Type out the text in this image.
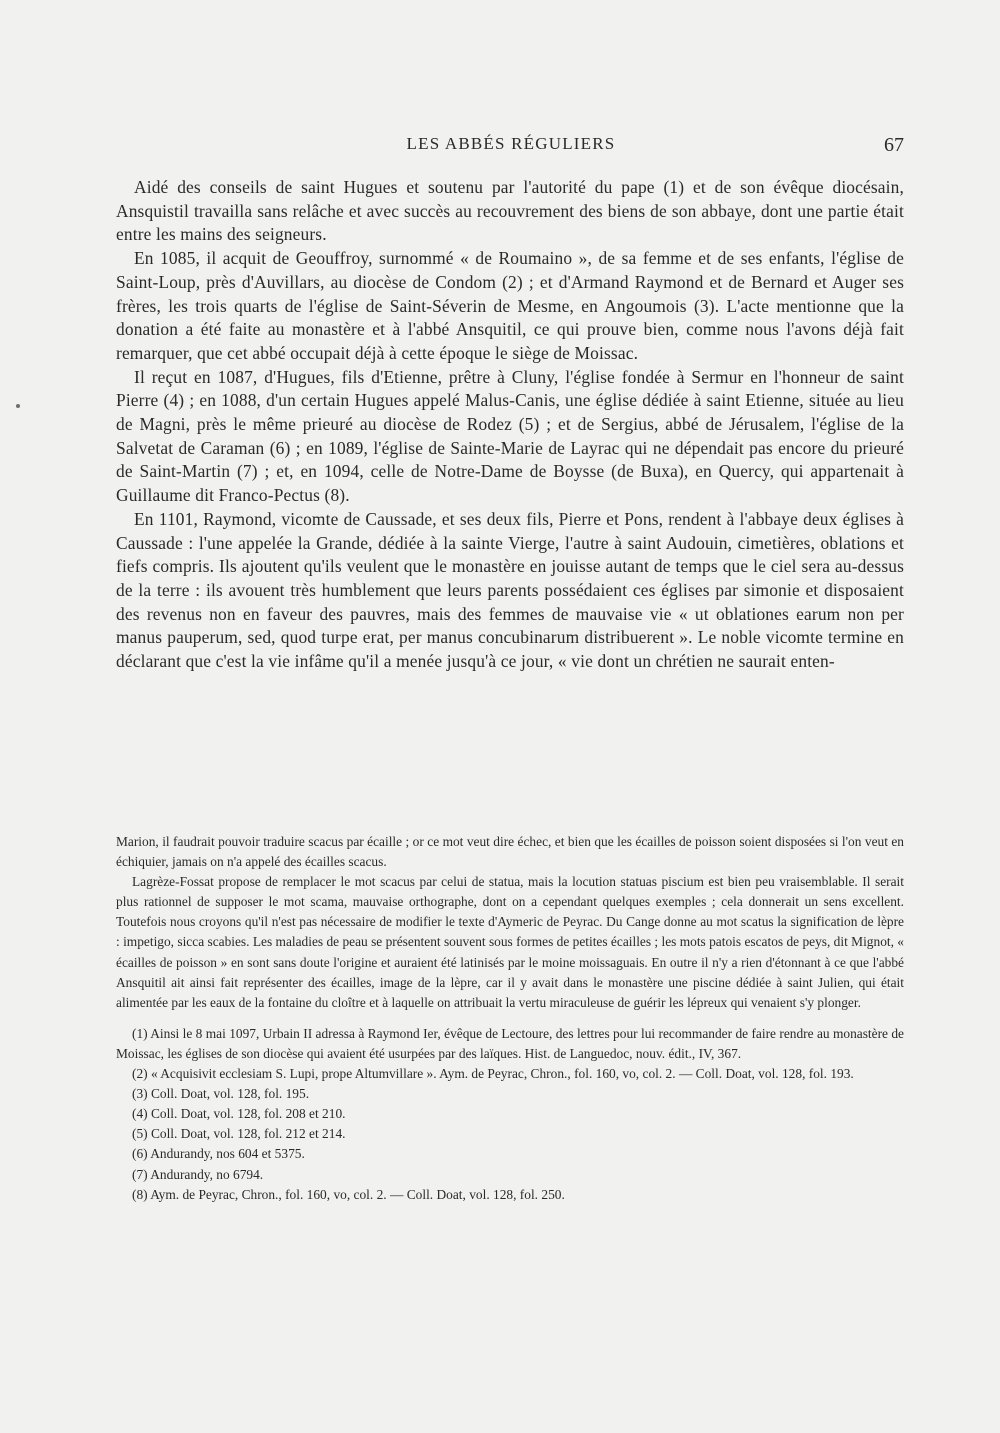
LES ABBÉS RÉGULIERS	67

Aidé des conseils de saint Hugues et soutenu par l'autorité du pape (1) et de son évêque diocésain, Ansquistil travailla sans relâche et avec succès au recouvrement des biens de son abbaye, dont une partie était entre les mains des seigneurs.

En 1085, il acquit de Geouffroy, surnommé « de Roumaino », de sa femme et de ses enfants, l'église de Saint-Loup, près d'Auvillars, au diocèse de Condom (2) ; et d'Armand Raymond et de Bernard et Auger ses frères, les trois quarts de l'église de Saint-Séverin de Mesme, en Angoumois (3). L'acte mentionne que la donation a été faite au monastère et à l'abbé Ansquitil, ce qui prouve bien, comme nous l'avons déjà fait remarquer, que cet abbé occupait déjà à cette époque le siège de Moissac.

Il reçut en 1087, d'Hugues, fils d'Etienne, prêtre à Cluny, l'église fondée à Sermur en l'honneur de saint Pierre (4) ; en 1088, d'un certain Hugues appelé Malus-Canis, une église dédiée à saint Etienne, située au lieu de Magni, près le même prieuré au diocèse de Rodez (5) ; et de Sergius, abbé de Jérusalem, l'église de la Salvetat de Caraman (6) ; en 1089, l'église de Sainte-Marie de Layrac qui ne dépendait pas encore du prieuré de Saint-Martin (7) ; et, en 1094, celle de Notre-Dame de Boysse (de Buxa), en Quercy, qui appartenait à Guillaume dit Franco-Pectus (8).

En 1101, Raymond, vicomte de Caussade, et ses deux fils, Pierre et Pons, rendent à l'abbaye deux églises à Caussade : l'une appelée la Grande, dédiée à la sainte Vierge, l'autre à saint Audouin, cimetières, oblations et fiefs compris. Ils ajoutent qu'ils veulent que le monastère en jouisse autant de temps que le ciel sera au-dessus de la terre : ils avouent très humblement que leurs parents possédaient ces églises par simonie et disposaient des revenus non en faveur des pauvres, mais des femmes de mauvaise vie « ut oblationes earum non per manus pauperum, sed, quod turpe erat, per manus concubinarum distribuerent ». Le noble vicomte termine en déclarant que c'est la vie infâme qu'il a menée jusqu'à ce jour, « vie dont un chrétien ne saurait enten-

Marion, il faudrait pouvoir traduire scacus par écaille ; or ce mot veut dire échec, et bien que les écailles de poisson soient disposées si l'on veut en échiquier, jamais on n'a appelé des écailles scacus.

Lagrèze-Fossat propose de remplacer le mot scacus par celui de statua, mais la locution statuas piscium est bien peu vraisemblable. Il serait plus rationnel de supposer le mot scama, mauvaise orthographe, dont on a cependant quelques exemples ; cela donnerait un sens excellent. Toutefois nous croyons qu'il n'est pas nécessaire de modifier le texte d'Aymeric de Peyrac. Du Cange donne au mot scatus la signification de lèpre : impetigo, sicca scabies. Les maladies de peau se présentent souvent sous formes de petites écailles ; les mots patois escatos de peys, dit Mignot, « écailles de poisson » en sont sans doute l'origine et auraient été latinisés par le moine moissaguais. En outre il n'y a rien d'étonnant à ce que l'abbé Ansquitil ait ainsi fait représenter des écailles, image de la lèpre, car il y avait dans le monastère une piscine dédiée à saint Julien, qui était alimentée par les eaux de la fontaine du cloître et à laquelle on attribuait la vertu miraculeuse de guérir les lépreux qui venaient s'y plonger.

(1) Ainsi le 8 mai 1097, Urbain II adressa à Raymond Ier, évêque de Lectoure, des lettres pour lui recommander de faire rendre au monastère de Moissac, les églises de son diocèse qui avaient été usurpées par des laïques. Hist. de Languedoc, nouv. édit., IV, 367.

(2) « Acquisivit ecclesiam S. Lupi, prope Altumvillare ». Aym. de Peyrac, Chron., fol. 160, vo, col. 2. — Coll. Doat, vol. 128, fol. 193.

(3) Coll. Doat, vol. 128, fol. 195.

(4) Coll. Doat, vol. 128, fol. 208 et 210.

(5) Coll. Doat, vol. 128, fol. 212 et 214.

(6) Andurandy, nos 604 et 5375.

(7) Andurandy, no 6794.

(8) Aym. de Peyrac, Chron., fol. 160, vo, col. 2. — Coll. Doat, vol. 128, fol. 250.
